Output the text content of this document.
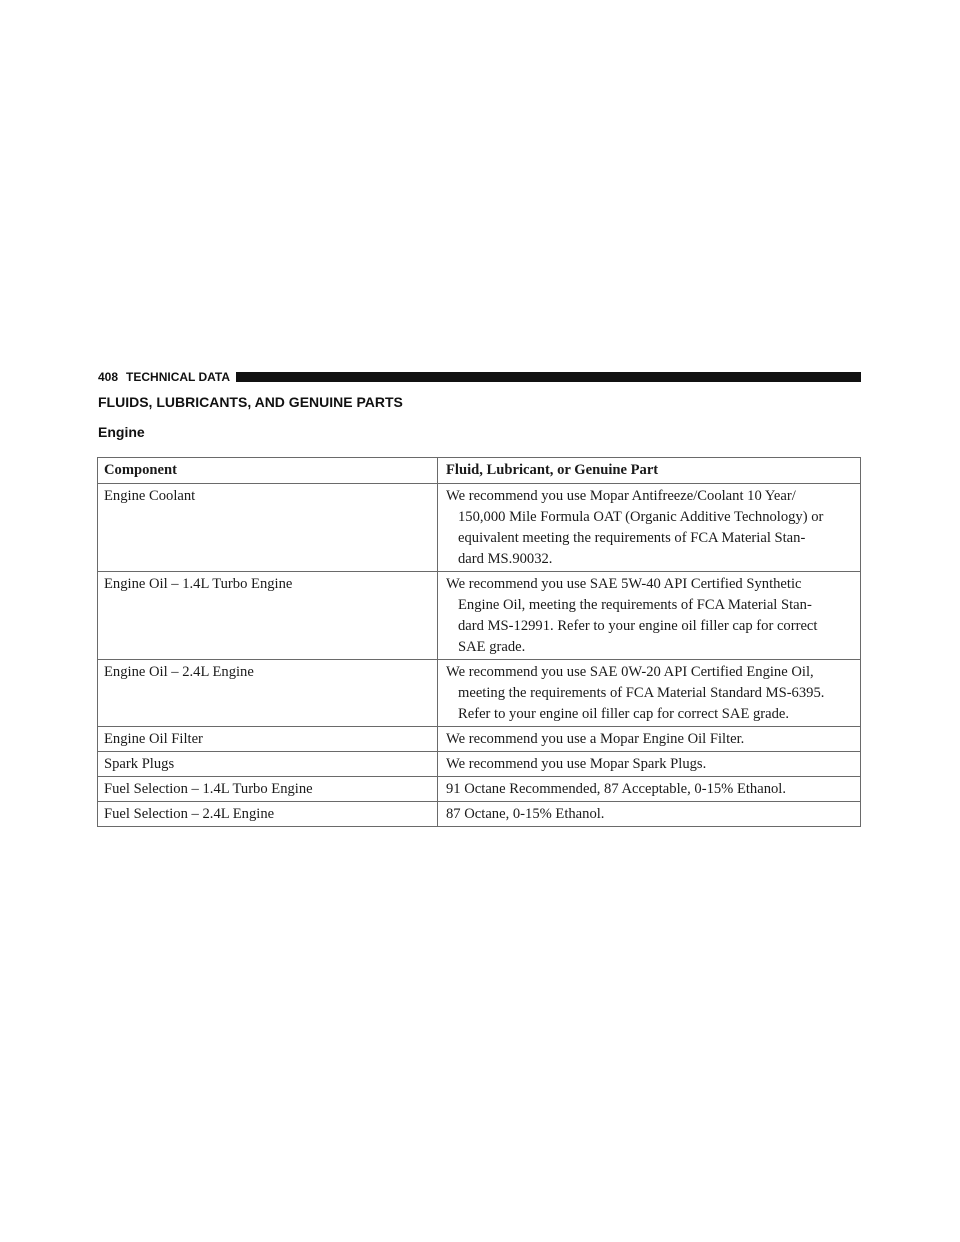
408 TECHNICAL DATA
FLUIDS, LUBRICANTS, AND GENUINE PARTS
Engine
Component	Fluid, Lubricant, or Genuine Part
Engine Coolant	We recommend you use Mopar Antifreeze/Coolant 10 Year/
150,000 Mile Formula OAT (Organic Additive Technology) or
equivalent meeting the requirements of FCA Material Stan-
dard MS.90032.

Engine Oil – 1.4L Turbo Engine	We recommend you use SAE 5W-40 API Certified Synthetic
Engine Oil, meeting the requirements of FCA Material Stan-
dard MS-12991. Refer to your engine oil filler cap for correct
SAE grade.

Engine Oil – 2.4L Engine	We recommend you use SAE 0W-20 API Certified Engine Oil,
meeting the requirements of FCA Material Standard MS-6395.
Refer to your engine oil filler cap for correct SAE grade.

Engine Oil Filter	We recommend you use a Mopar Engine Oil Filter.

Spark Plugs	We recommend you use Mopar Spark Plugs.

Fuel Selection – 1.4L Turbo Engine	91 Octane Recommended, 87 Acceptable, 0-15% Ethanol.

Fuel Selection – 2.4L Engine	87 Octane, 0-15% Ethanol.
